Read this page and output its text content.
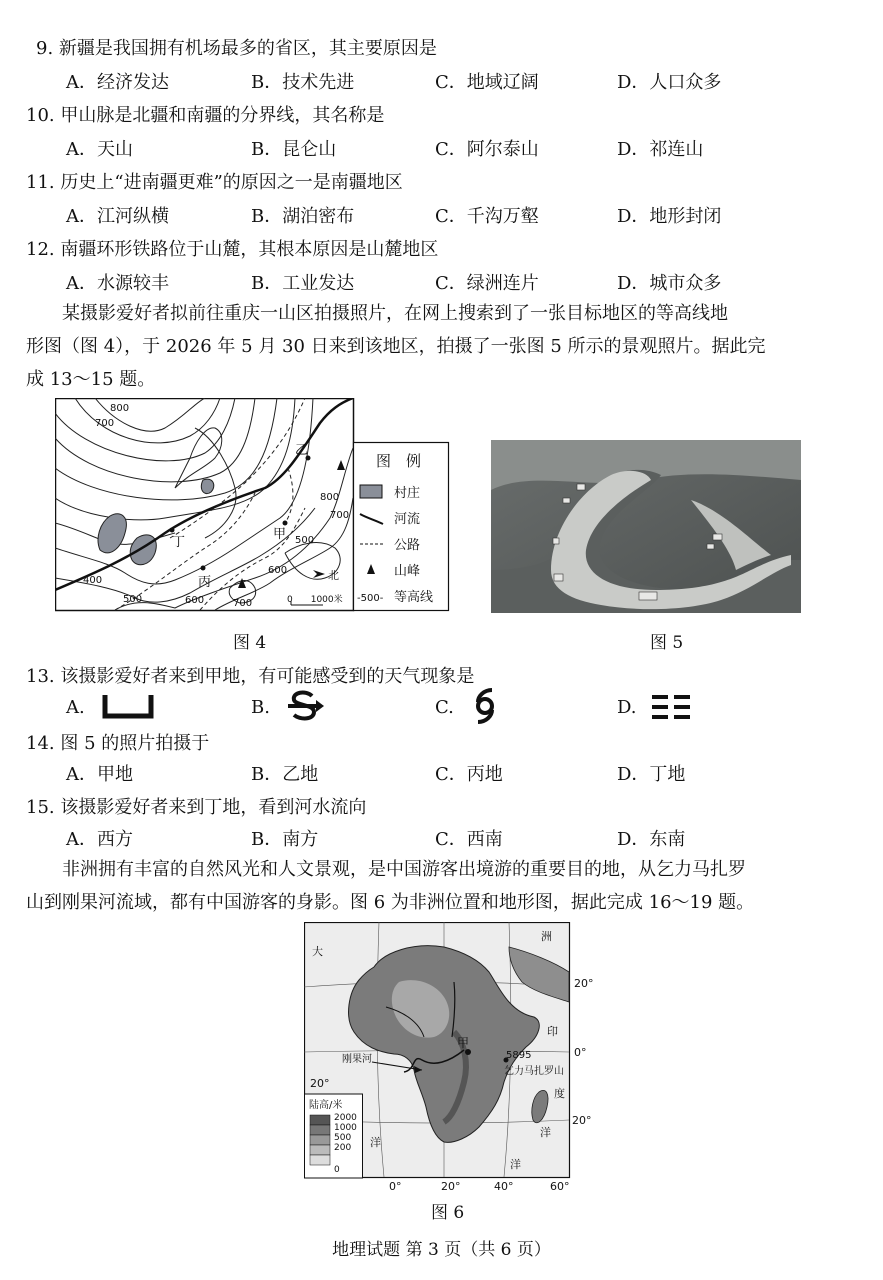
9. 新疆是我国拥有机场最多的省区，其主要原因是
A．经济发达	B．技术先进	C．地域辽阔	D．人口众多
10. 甲山脉是北疆和南疆的分界线，其名称是
A．天山	B．昆仑山	C．阿尔泰山	D．祁连山
11. 历史上“进南疆更难”的原因之一是南疆地区
A．江河纵横	B．湖泊密布	C．千沟万壑	D．地形封闭
12. 南疆环形铁路位于山麓，其根本原因是山麓地区
A．水源较丰	B．工业发达	C．绿洲连片	D．城市众多
　　某摄影爱好者拟前往重庆一山区拍摄照片，在网上搜索到了一张目标地区的等高线地
形图（图 4），于 2026 年 5 月 30 日来到该地区，拍摄了一张图 5 所示的景观照片。据此完
成 13～15 题。
800
700
400
500	600	700
600
800
700
500
乙
甲
丁
丙
0　　1000米
北
图　例
村庄
河流
公路
山峰
-500- 等高线
图 4	图 5
13. 该摄影爱好者来到甲地，有可能感受到的天气现象是
A.	B.	C.	D.
14. 图 5 的照片拍摄于
A．甲地	B．乙地	C．丙地	D．丁地
15. 该摄影爱好者来到丁地，看到河水流向
A．西方	B．南方	C．西南	D．东南
　　非洲拥有丰富的自然风光和人文景观，是中国游客出境游的重要目的地，从乞力马扎罗
山到刚果河流域，都有中国游客的身影。图 6 为非洲位置和地形图，据此完成 16～19 题。
大
洲
印
度
洋
洋
洋
20°
0°
20°
20°
0°	20°	40°	60°
甲
5895
乞力马扎罗山
刚果河
陆高/米
2000
1000
500
200
0
图 6
地理试题 第 3 页（共 6 页）
